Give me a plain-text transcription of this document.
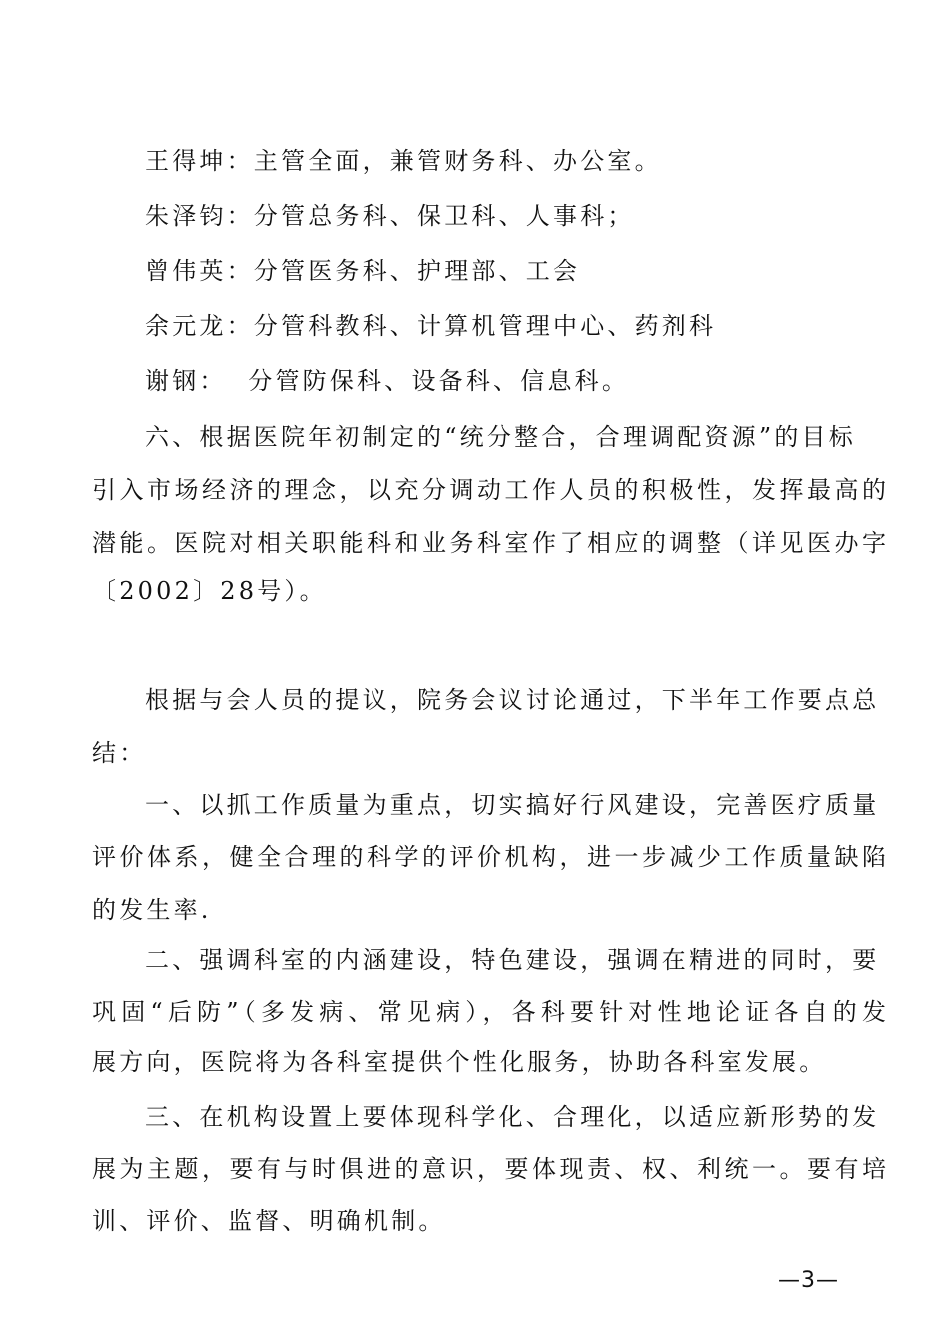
王得坤：主管全面，兼管财务科、办公室。
朱泽钧：分管总务科、保卫科、人事科；
曾伟英：分管医务科、护理部、工会
余元龙：分管科教科、计算机管理中心、药剂科
谢钢：  分管防保科、设备科、信息科。
六、根据医院年初制定的“统分整合，合理调配资源”的目标
引入市场经济的理念，以充分调动工作人员的积极性，发挥最高的
潜能。医院对相关职能科和业务科室作了相应的调整（详见医办字
〔2002〕28号）。
根据与会人员的提议，院务会议讨论通过，下半年工作要点总
结：
一、以抓工作质量为重点，切实搞好行风建设，完善医疗质量
评价体系，健全合理的科学的评价机构，进一步减少工作质量缺陷
的发生率.
二、强调科室的内涵建设，特色建设，强调在精进的同时，要
巩固“后防”（多发病、常见病），各科要针对性地论证各自的发
展方向，医院将为各科室提供个性化服务，协助各科室发展。
三、在机构设置上要体现科学化、合理化，以适应新形势的发
展为主题，要有与时俱进的意识，要体现责、权、利统一。要有培
训、评价、监督、明确机制。
—3—
